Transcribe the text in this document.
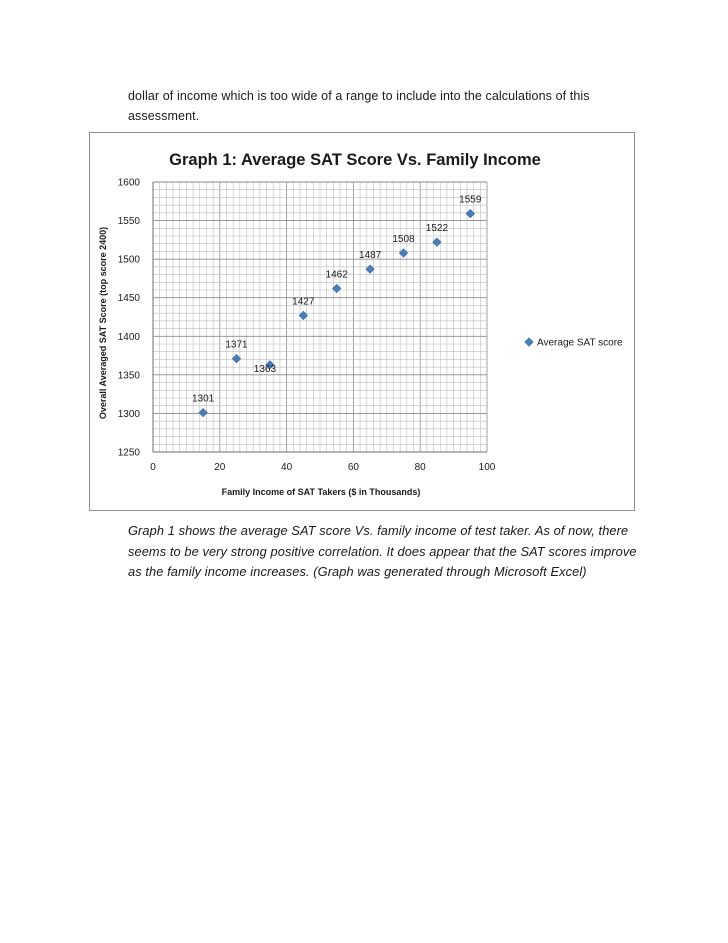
dollar of income which is too wide of a range to include into the calculations of this assessment.
Graph 1: Average SAT Score Vs. Family Income
Overall Averaged SAT Score (top score 2400)
Family Income of SAT Takers ($ in Thousands)
0	20	40	60	80	100
1250
1300
1350
1400
1450
1500
1550
1600
1301
1371
1363
1427
1462
1487
1508
1522
1559
Average SAT score
Graph 1 shows the average SAT score Vs. family income of test taker. As of now, there seems to be very strong positive correlation. It does appear that the SAT scores improve as the family income increases. (Graph was generated through Microsoft Excel)
